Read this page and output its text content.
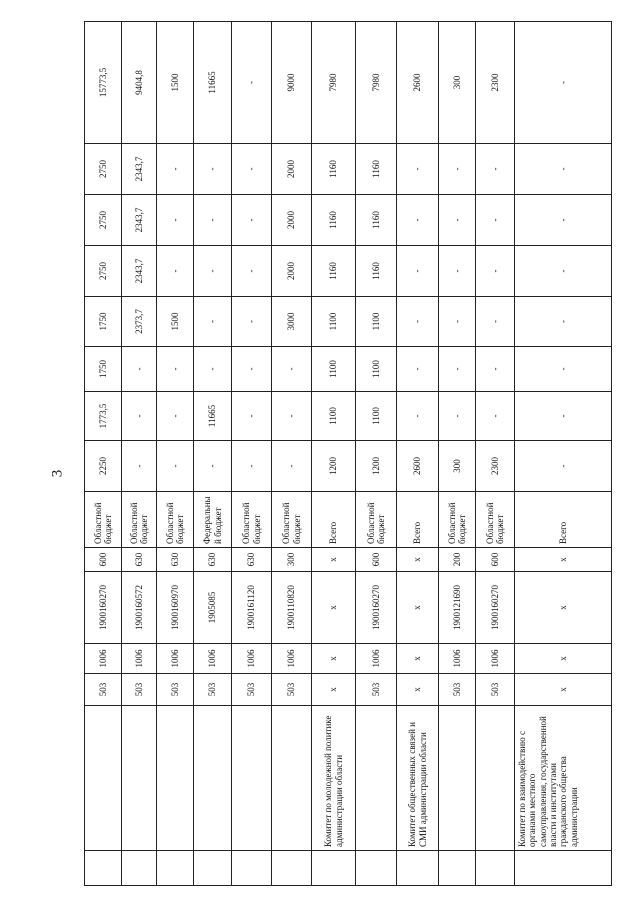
3
		503	1006	1900160270	600	Областной бюджет	2250	1773,5	1750	1750	2750	2750	2750	15773,5
		503	1006	1900160572	630	Областной бюджет	-	-	-	2373,7	2343,7	2343,7	2343,7	9404,8
		503	1006	1900160970	630	Областной бюджет	-	-	-	1500	-	-	-	1500
		503	1006	1905085	630	Федеральный бюджет	-	11665	-	-	-	-	-	11665
		503	1006	1900161120	630	Областной бюджет	-	-	-	-	-	-	-	-
		503	1006	1900110820	300	Областной бюджет	-	-	-	3000	2000	2000	2000	9000
	Комитет по молодежной политике администрации области	х	х	х	х	Всего	1200	1100	1100	1100	1160	1160	1160	7980
		503	1006	1900160270	600	Областной бюджет	1200	1100	1100	1100	1160	1160	1160	7980
	Комитет общественных связей и СМИ администрации области	х	х	х	х	Всего	2600	-	-	-	-	-	-	2600
		503	1006	1900121690	200	Областной бюджет	300	-	-	-	-	-	-	300
		503	1006	1900160270	600	Областной бюджет	2300	-	-	-	-	-	-	2300
	Комитет по взаимодействию с органами местного самоуправления, государственной власти и институтами гражданского общества администрации	х	х	х	х	Всего	-	-	-	-	-	-	-	-
